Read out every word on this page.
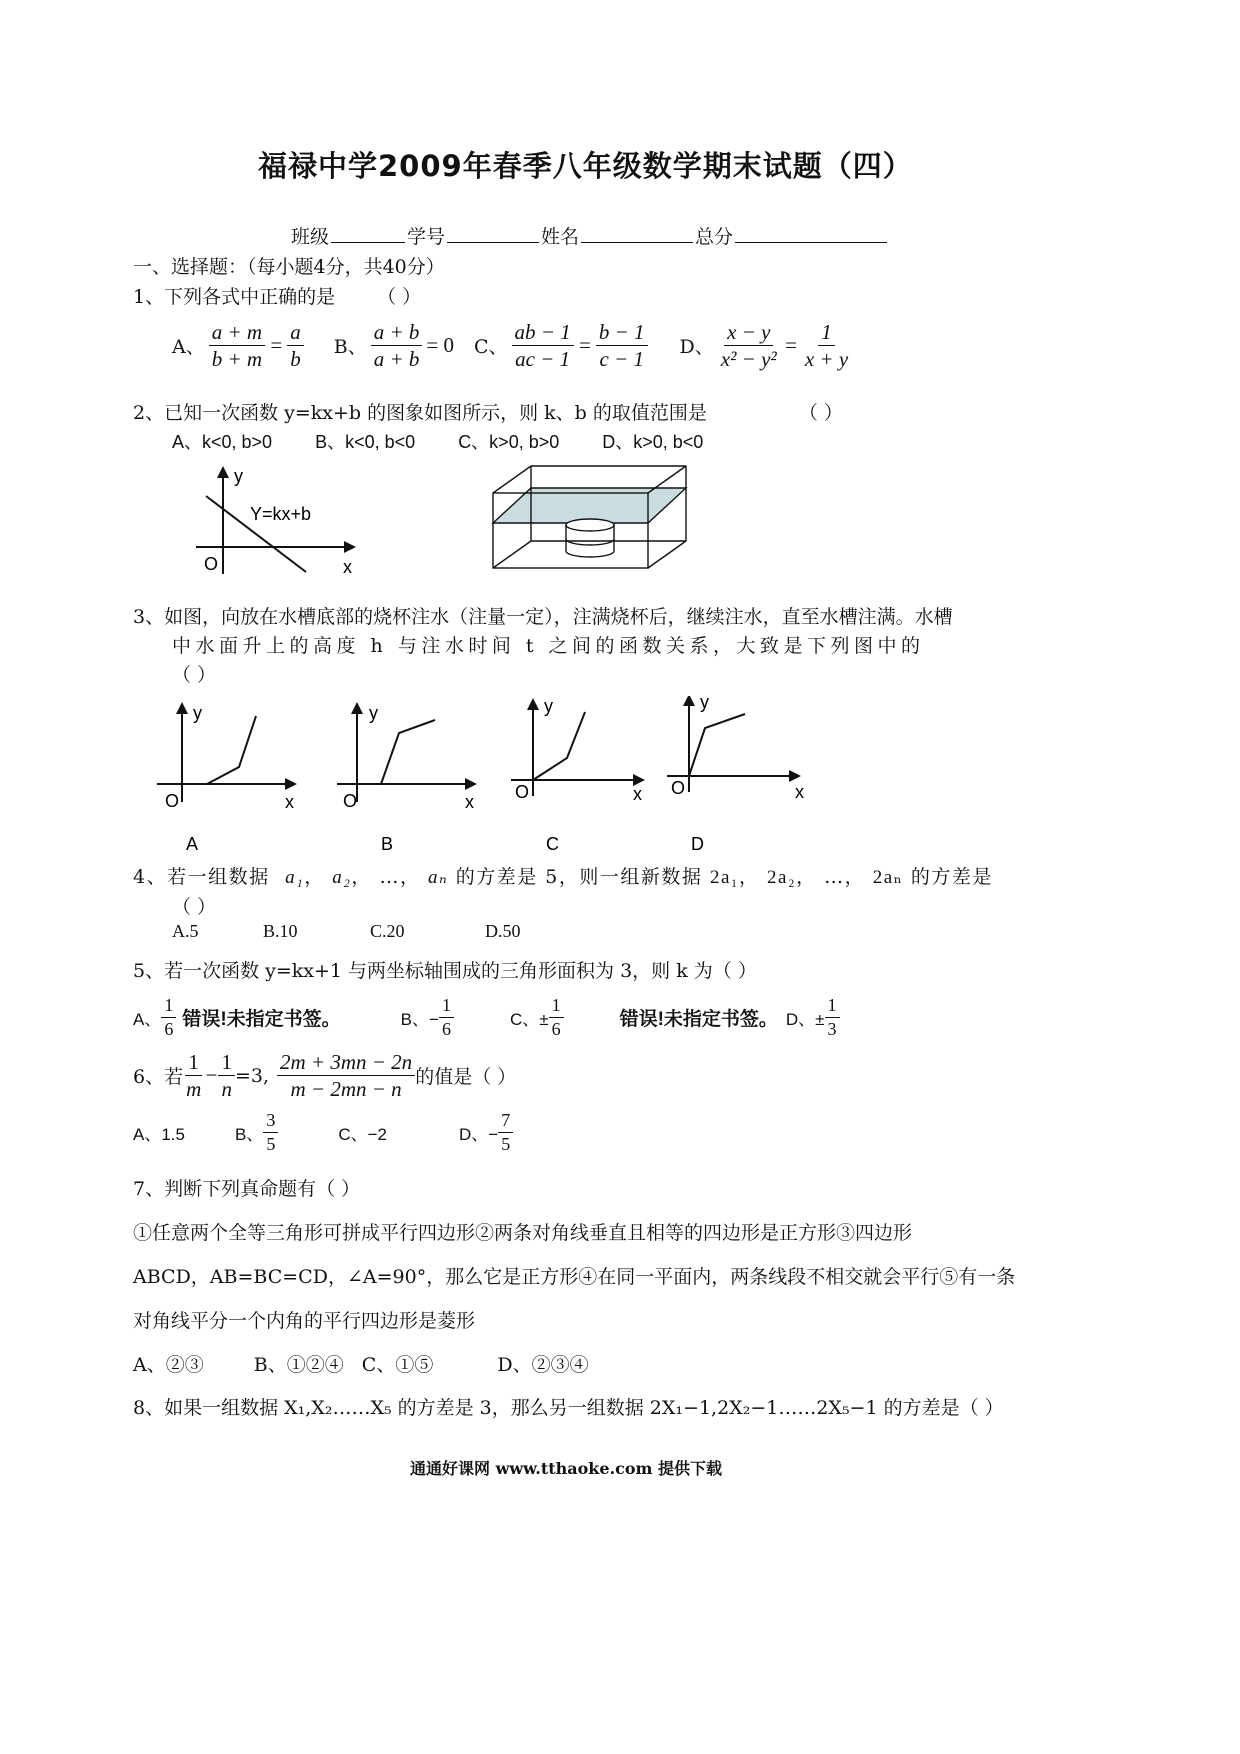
福禄中学2009年春季八年级数学期末试题（四）
班级	学号	姓名	总分
一、选择题：（每小题4分，共40分）
1、下列各式中正确的是 （ ）
A、 $\frac{a + m}{b + m} = \frac{a}{b}$ B、 $\frac{a + b}{a + b} = 0$ C、 $\frac{ab - 1}{ac - 1} = \frac{b - 1}{c - 1}$ D、 $\frac{x - y}{\text{x² − y²}} = \frac{1}{x + y}$
2、已知一次函数 y=kx+b 的图象如图所示，则 k、b 的取值范围是	（ ）
A、k<0, b>0 B、k<0, b<0 C、k>0, b>0 D、k>0, b<0
y
Y=kx+b
O	x
3、如图，向放在水槽底部的烧杯注水（注量一定），注满烧杯后，继续注水，直至水槽注满。水槽
中水面升上的高度 h 与注水时间 t 之间的函数关系，大致是下列图中的
（ ）
y
O	x
A
y
O	x
B
y
O	x
C
y
O	x
D
4、若一组数据 a₁， a₂， …， aₙ 的方差是 5，则一组新数据 2a₁， 2a₂， …， 2aₙ 的方差是
（ ）
A.5	B.10	C.20	D.50
5、若一次函数 y=kx+1 与两坐标轴围成的三角形面积为 3，则 k 为（ ）
A、 $\frac{1}{6}$ 错误!未指定书签。	B、− $\frac{1}{6}$	C、± $\frac{1}{6}$	错误!未指定书签。 D、± $\frac{1}{3}$
6、若 $\frac{1}{m} - \frac{1}{n} =3$, $\frac{2m + 3mn - 2n}{m - 2mn - n}$ 的值是（ ）
A、1.5	B、 $\frac{3}{5}$	C、−2	D、− $\frac{7}{5}$
7、判断下列真命题有（ ）
①任意两个全等三角形可拼成平行四边形②两条对角线垂直且相等的四边形是正方形③四边形
ABCD，AB=BC=CD，∠A=90°，那么它是正方形④在同一平面内，两条线段不相交就会平行⑤有一条
对角线平分一个内角的平行四边形是菱形
A、②③	B、①②④ C、①⑤	D、②③④
8、如果一组数据 X₁,X₂……X₅ 的方差是 3，那么另一组数据 2X₁−1,2X₂−1……2X₅−1 的方差是（ ）
通通好课网 www.tthaoke.com 提供下载
